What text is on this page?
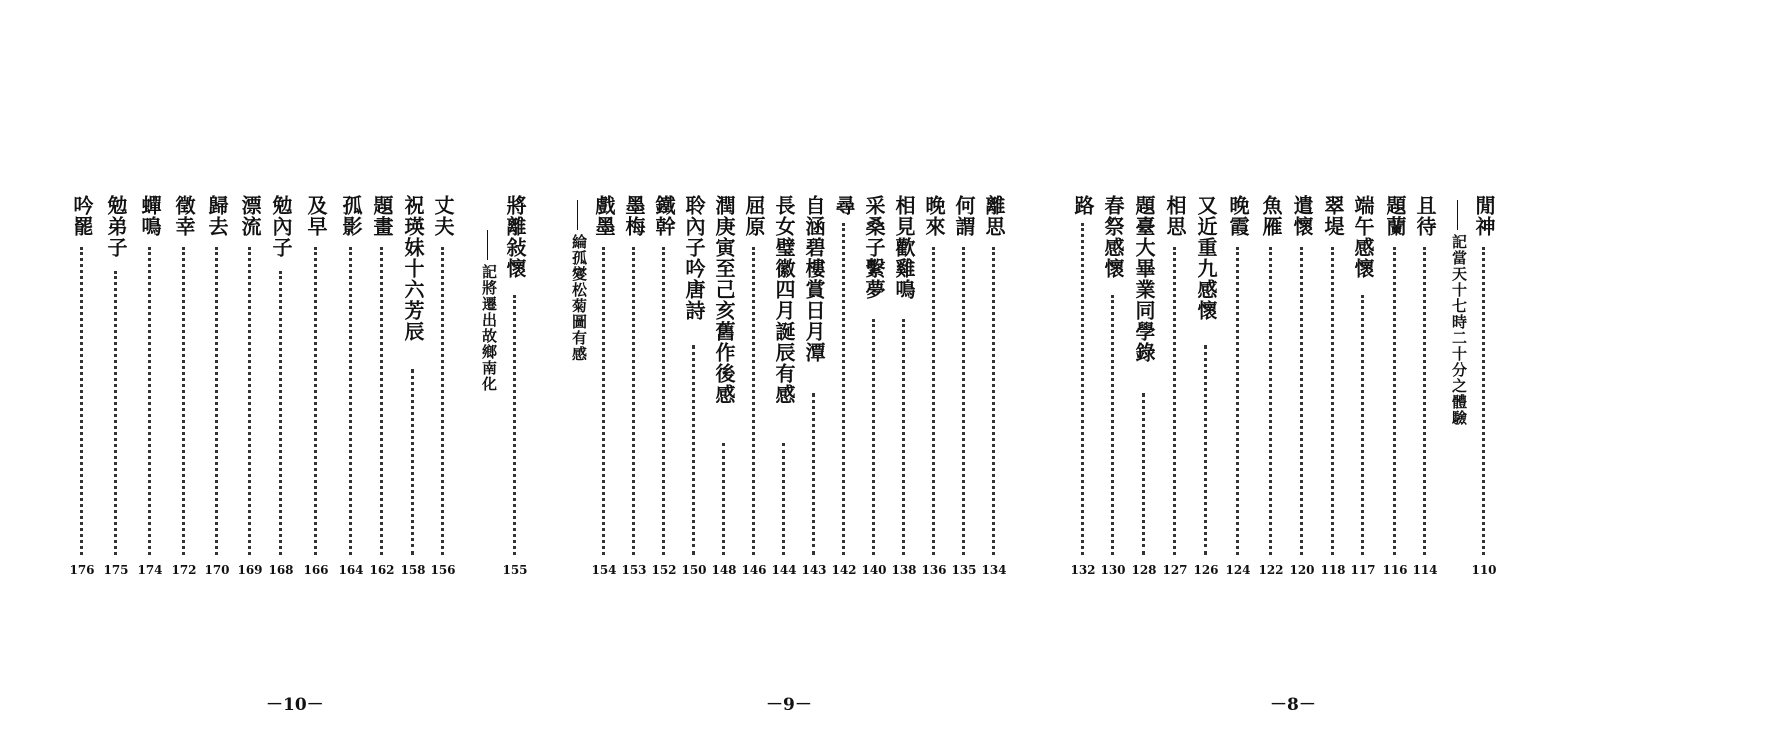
閒神
110
記當天十七時二十分之體驗
且待
114
題蘭
116
端午感懷
117
翠堤
118
遣懷
120
魚雁
122
晚霞
124
又近重九感懷
126
相思
127
題臺大畢業同學錄
128
春祭感懷
130
路
132
－8－
離思
134
何謂
135
晚來
136
相見歡雞鳴
138
采桑子繫夢
140
尋
142
自涵碧樓賞日月潭
143
長女璧徽四月誕辰有感
144
屈原
146
潤庚寅至己亥舊作後感
148
聆內子吟唐詩
150
鐵幹
152
墨梅
153
戲墨
154
綸孤夑松菊圖有感
－9－
將離敍懷
155
記將遷出故鄉南化
丈夫
156
祝瑛妹十六芳辰
158
題畫
162
孤影
164
及早
166
勉內子
168
漂流
169
歸去
170
徵幸
172
蟬鳴
174
勉弟子
175
吟罷
176
－10－
